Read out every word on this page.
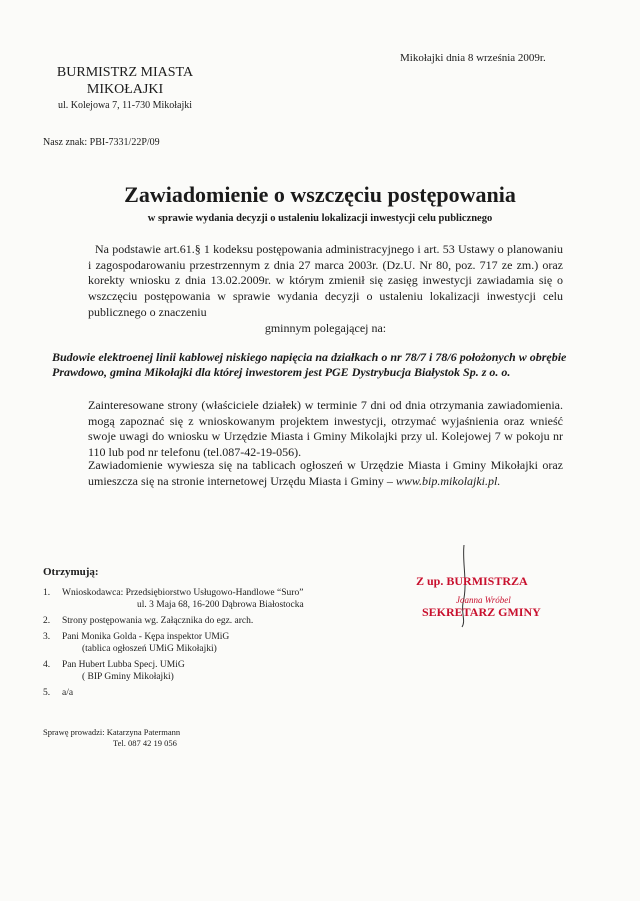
Mikołajki dnia 8 września 2009r.
BURMISTRZ MIASTA
MIKOŁAJKI
ul. Kolejowa 7, 11-730 Mikołajki
Nasz znak: PBI-7331/22P/09
Zawiadomienie o wszczęciu postępowania
w sprawie wydania decyzji o ustaleniu lokalizacji inwestycji celu publicznego
Na podstawie art.61.§ 1 kodeksu postępowania administracyjnego i art. 53 Ustawy o planowaniu i zagospodarowaniu przestrzennym z dnia 27 marca 2003r. (Dz.U. Nr 80, poz. 717 ze zm.) oraz korekty wniosku z dnia 13.02.2009r. w którym zmienił się zasięg inwestycji zawiadamia się o wszczęciu postępowania w sprawie wydania decyzji o ustaleniu lokalizacji inwestycji celu publicznego o znaczeniu
gminnym polegającej na:
Budowie elektroenej linii kablowej niskiego napięcia na działkach o nr 78/7 i 78/6 położonych w obrębie Prawdowo, gmina Mikołajki dla której inwestorem jest PGE Dystrybucja Białystok Sp. z o. o.
Zainteresowane strony (właściciele działek) w terminie 7 dni od dnia otrzymania zawiadomienia. mogą zapoznać się z wnioskowanym projektem inwestycji, otrzymać wyjaśnienia oraz wnieść swoje uwagi do wniosku w Urzędzie Miasta i Gminy Mikolajki przy ul. Kolejowej 7 w pokoju nr 110 lub pod nr telefonu (tel.087-42-19-056).
Zawiadomienie wywiesza się na tablicach ogłoszeń w Urzędzie Miasta i Gminy Mikołajki oraz umieszcza się na stronie internetowej Urzędu Miasta i Gminy – www.bip.mikolajki.pl.
Otrzymują:
1. Wnioskodawca: Przedsiębiorstwo Usługowo-Handlowe “Suro”
ul. 3 Maja 68, 16-200 Dąbrowa Białostocka
2. Strony postępowania wg. Załącznika do egz. arch.
3. Pani Monika Golda - Kępa inspektor UMiG
(tablica ogłoszeń UMiG Mikołajki)
4. Pan Hubert Lubba Specj. UMiG
( BIP Gminy Mikołajki)
5. a/a
Z up. BURMISTRZA
Joanna Wróbel
SEKRETARZ GMINY
Sprawę prowadzi: Katarzyna Patermann
Tel. 087 42 19 056
